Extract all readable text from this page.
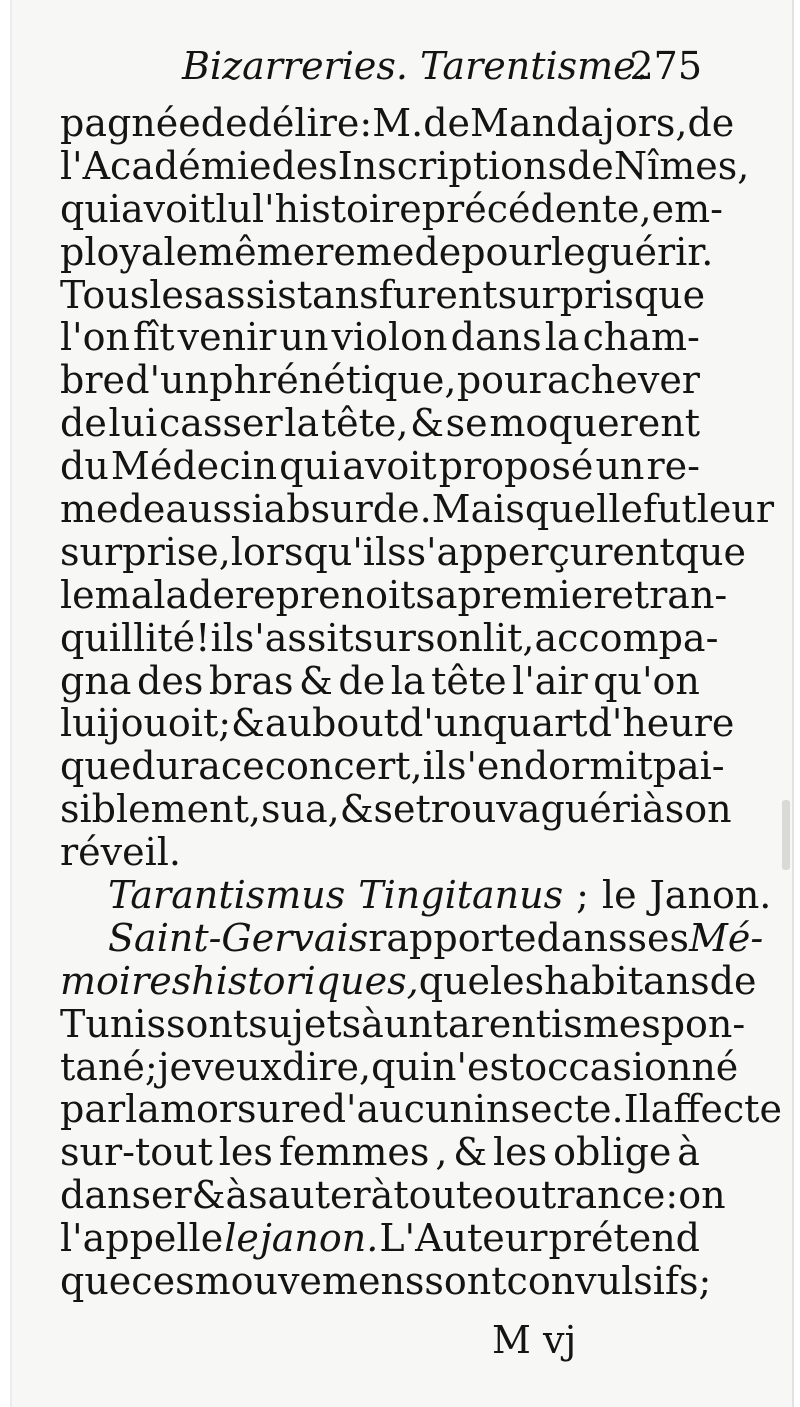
Bizarreries. Tarentisme.
275
pagnée de délire : M. de Mandajors, de
l'Académie des Inscriptions de Nîmes,
qui avoit lu l'histoire précédente, em-
ploya le même remede pour le guérir.
Tous les assistans furent surpris que
l'on fît venir un violon dans la cham-
bre d'un phrénétique, pour achever
de lui casser la tête, & se moquerent
du Médecin qui avoit proposé un re-
mede aussi absurde. Mais quelle fut leur
surprise, lorsqu'ils s'apperçurent que
le malade reprenoit sa premiere tran-
quillité ! il s'assit sur son lit, accompa-
gna des bras & de la tête l'air qu'on
lui jouoit; & au bout d'un quart d'heure
que dura ce concert, il s'endormit pai-
siblement, sua, & se trouva guéri à son
réveil.
Tarantismus Tingitanus ; le Janon.
Saint-Gervais rapporte dans ses Mé-
moires historiques, que les habitans de
Tunis sont sujets à un tarentisme spon-
tané; je veux dire, qui n'est occasionné
par la morsure d'aucun insecte. Il affecte
sur-tout les femmes , & les oblige à
danser & à sauter à toute outrance : on
l'appelle le janon. L'Auteur prétend
que ces mouvemens sont convulsifs;
M vj
